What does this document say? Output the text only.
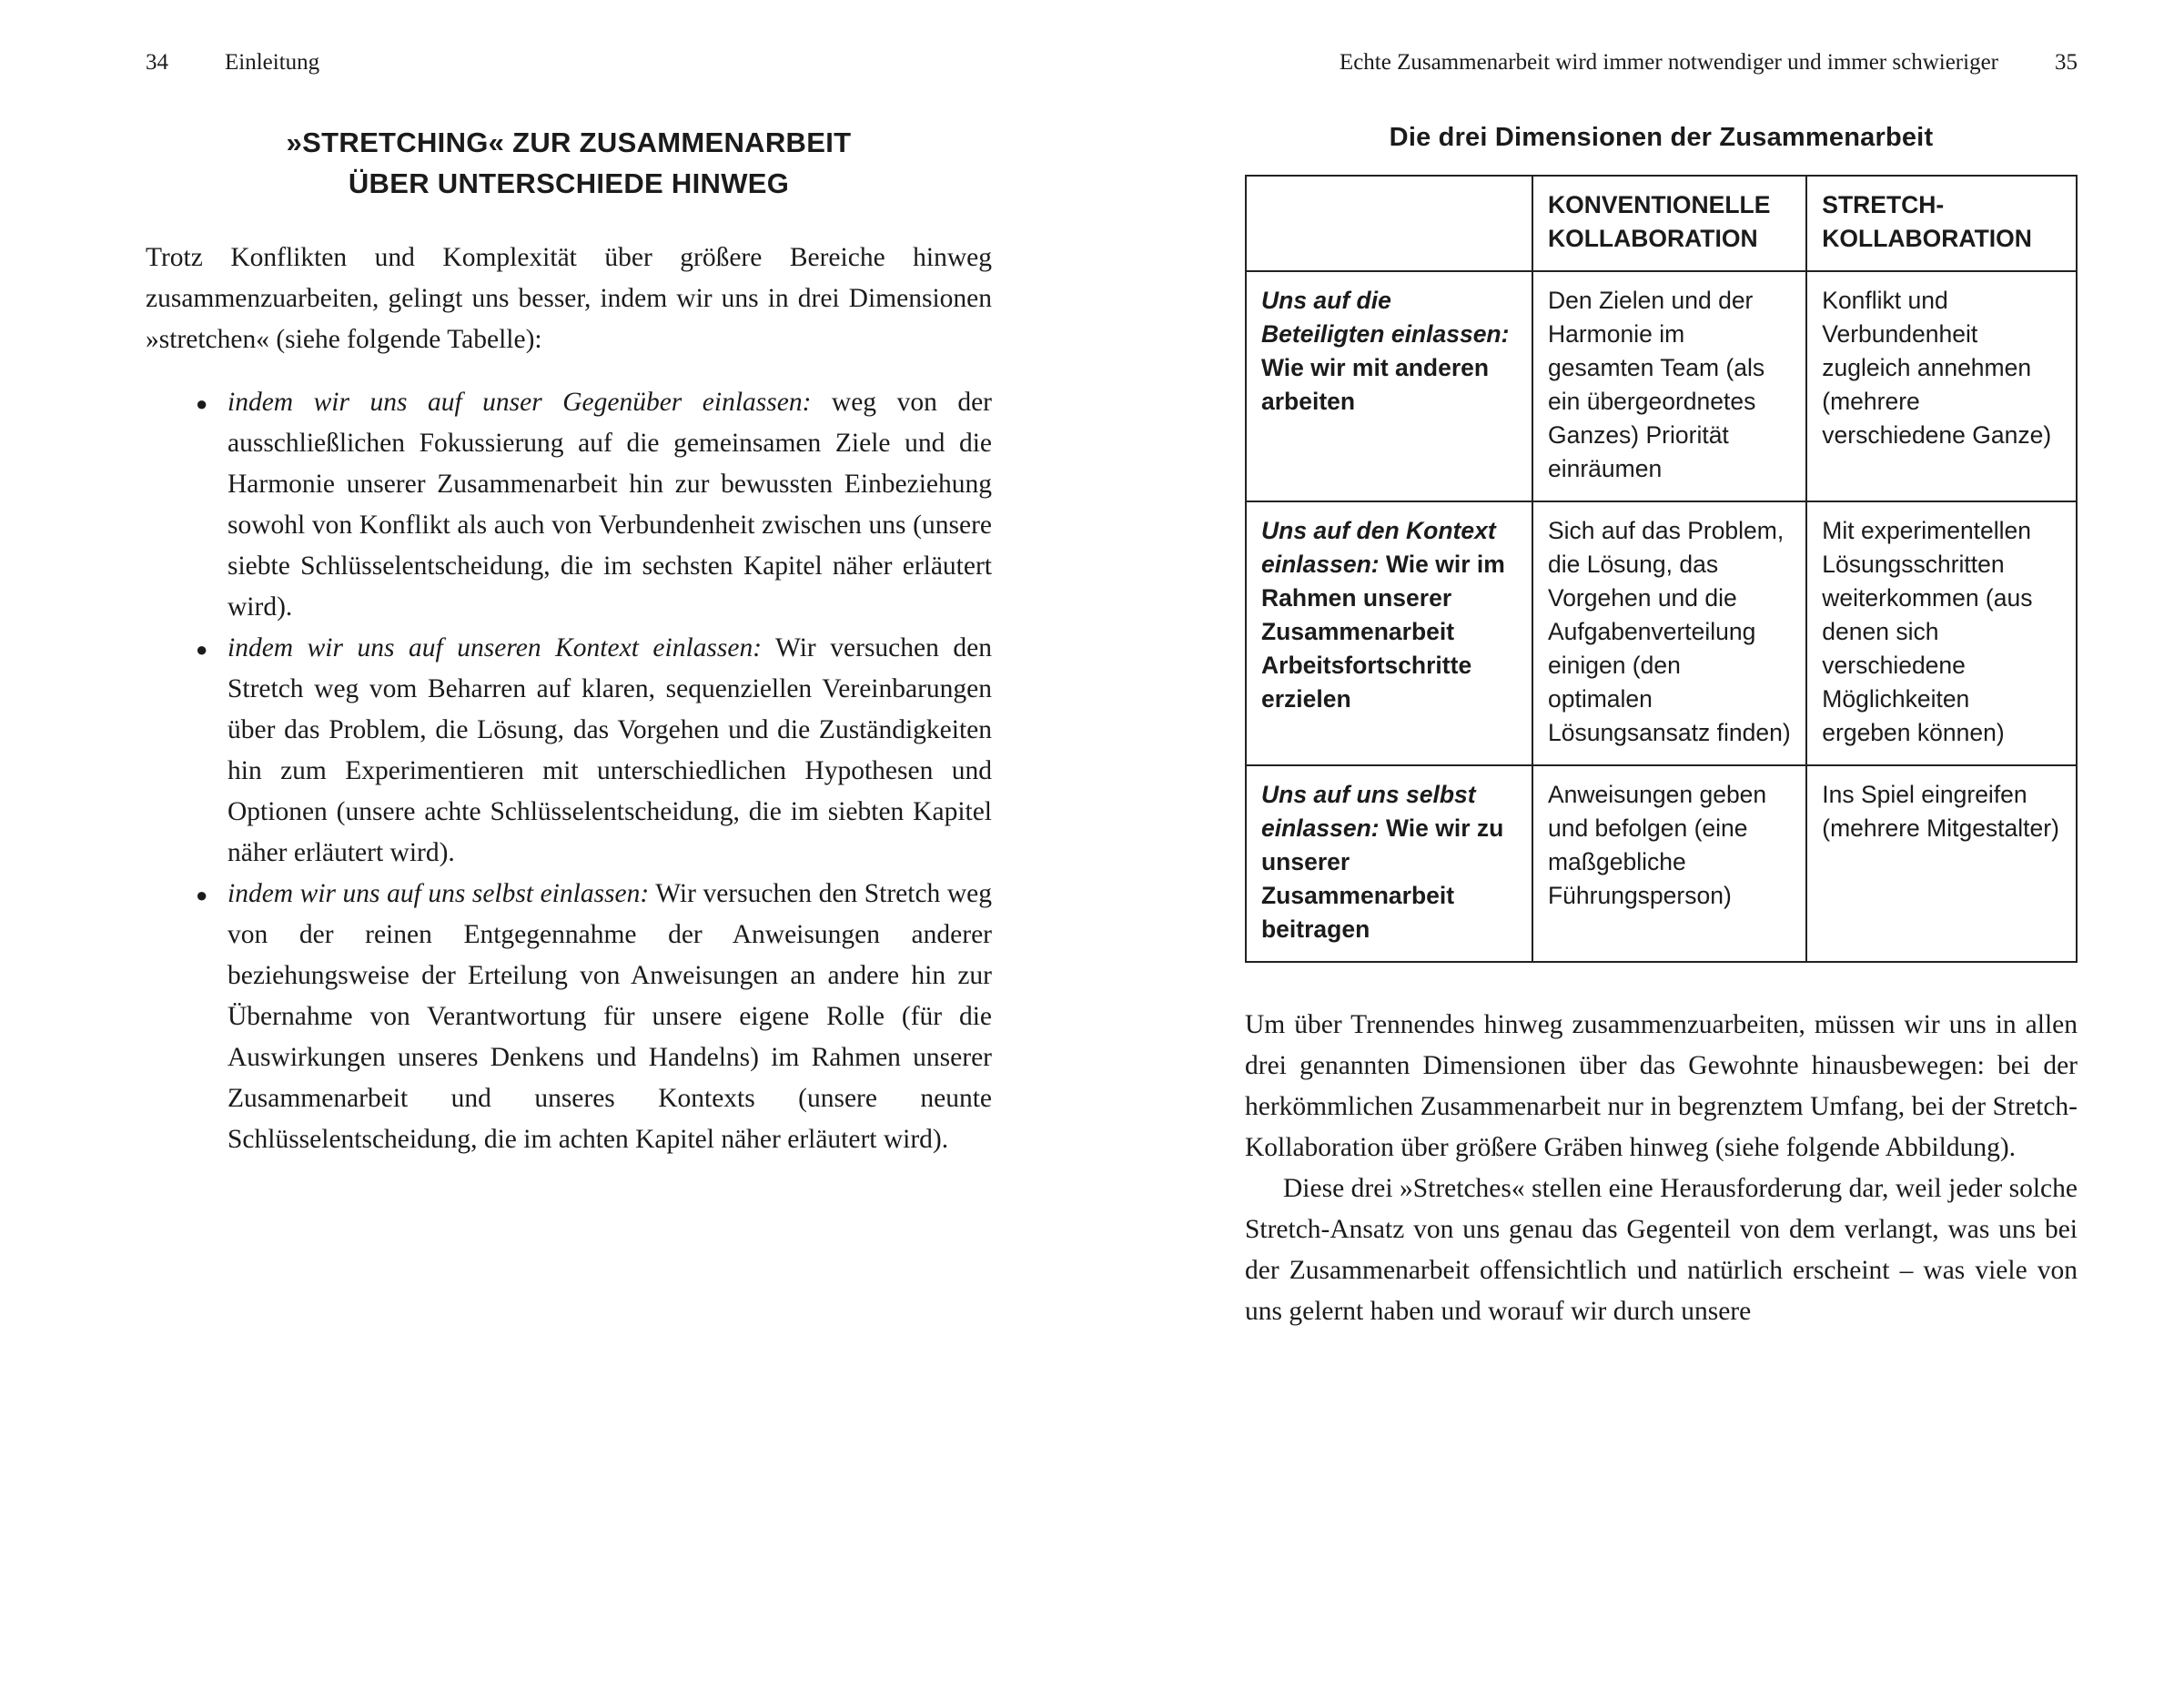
34 Einleitung
»STRETCHING« ZUR ZUSAMMENARBEIT
ÜBER UNTERSCHIEDE HINWEG

Trotz Konflikten und Komplexität über größere Bereiche hinweg zusammenzuarbeiten, gelingt uns besser, indem wir uns in drei Dimensionen »stretchen« (siehe folgende Tabelle):

● indem wir uns auf unser Gegenüber einlassen: weg von der ausschließlichen Fokussierung auf die gemeinsamen Ziele und die Harmonie unserer Zusammenarbeit hin zur bewussten Einbeziehung sowohl von Konflikt als auch von Verbundenheit zwischen uns (unsere siebte Schlüsselentscheidung, die im sechsten Kapitel näher erläutert wird).
● indem wir uns auf unseren Kontext einlassen: Wir versuchen den Stretch weg vom Beharren auf klaren, sequenziellen Vereinbarungen über das Problem, die Lösung, das Vorgehen und die Zuständigkeiten hin zum Experimentieren mit unterschiedlichen Hypothesen und Optionen (unsere achte Schlüsselentscheidung, die im siebten Kapitel näher erläutert wird).
● indem wir uns auf uns selbst einlassen: Wir versuchen den Stretch weg von der reinen Entgegennahme der Anweisungen anderer beziehungsweise der Erteilung von Anweisungen an andere hin zur Übernahme von Verantwortung für unsere eigene Rolle (für die Auswirkungen unseres Denkens und Handelns) im Rahmen unserer Zusammenarbeit und unseres Kontexts (unsere neunte Schlüsselentscheidung, die im achten Kapitel näher erläutert wird).
Echte Zusammenarbeit wird immer notwendiger und immer schwieriger 35
Die drei Dimensionen der Zusammenarbeit
	KONVENTIONELLE KOLLABORATION	STRETCH-KOLLABORATION
Uns auf die Beteiligten einlassen: Wie wir mit anderen arbeiten	Den Zielen und der Harmonie im gesamten Team (als ein übergeordnetes Ganzes) Priorität einräumen	Konflikt und Verbundenheit zugleich annehmen (mehrere verschiedene Ganze)
Uns auf den Kontext einlassen: Wie wir im Rahmen unserer Zusammenarbeit Arbeitsfortschritte erzielen	Sich auf das Problem, die Lösung, das Vorgehen und die Aufgabenverteilung einigen (den optimalen Lösungsansatz finden)	Mit experimentellen Lösungsschritten weiterkommen (aus denen sich verschiedene Möglichkeiten ergeben können)
Uns auf uns selbst einlassen: Wie wir zu unserer Zusammenarbeit beitragen	Anweisungen geben und befolgen (eine maßgebliche Führungsperson)	Ins Spiel eingreifen (mehrere Mitgestalter)

Um über Trennendes hinweg zusammenzuarbeiten, müssen wir uns in allen drei genannten Dimensionen über das Gewohnte hinausbewegen: bei der herkömmlichen Zusammenarbeit nur in begrenztem Umfang, bei der Stretch-Kollaboration über größere Gräben hinweg (siehe folgende Abbildung).

Diese drei »Stretches« stellen eine Herausforderung dar, weil jeder solche Stretch-Ansatz von uns genau das Gegenteil von dem verlangt, was uns bei der Zusammenarbeit offensichtlich und natürlich erscheint – was viele von uns gelernt haben und worauf wir durch unsere
